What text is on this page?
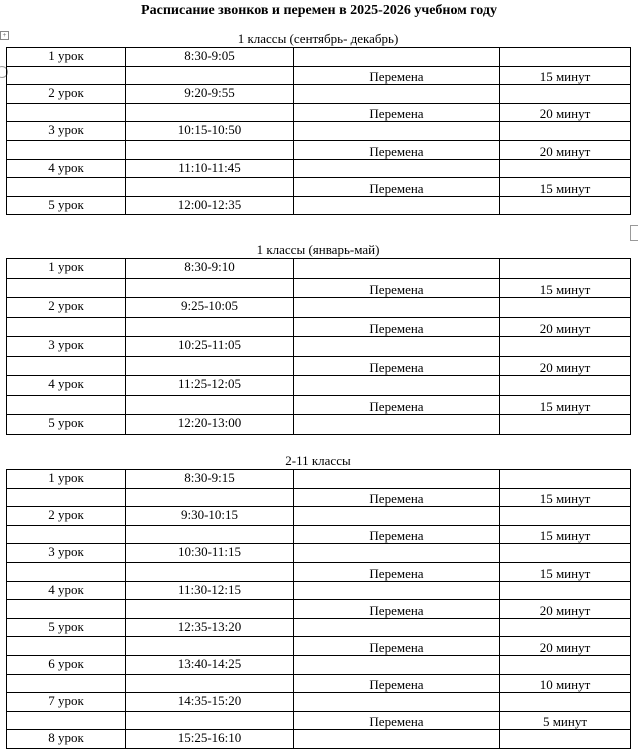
Расписание звонков и перемен в 2025-2026 учебном году
+	1 классы (сентябрь- декабрь)
1 урок	8:30-9:05		
		Перемена	15 минут
2 урок	9:20-9:55		
		Перемена	20 минут
3 урок	10:15-10:50		
		Перемена	20 минут
4 урок	11:10-11:45		
		Перемена	15 минут
5 урок	12:00-12:35		
1 классы (январь-май)
1 урок	8:30-9:10		
		Перемена	15 минут
2 урок	9:25-10:05		
		Перемена	20 минут
3 урок	10:25-11:05		
		Перемена	20 минут
4 урок	11:25-12:05		
		Перемена	15 минут
5 урок	12:20-13:00		
2-11 классы
1 урок	8:30-9:15		
		Перемена	15 минут
2 урок	9:30-10:15		
		Перемена	15 минут
3 урок	10:30-11:15		
		Перемена	15 минут
4 урок	11:30-12:15		
		Перемена	20 минут
5 урок	12:35-13:20		
		Перемена	20 минут
6 урок	13:40-14:25		
		Перемена	10 минут
7 урок	14:35-15:20		
		Перемена	5 минут
8 урок	15:25-16:10		
